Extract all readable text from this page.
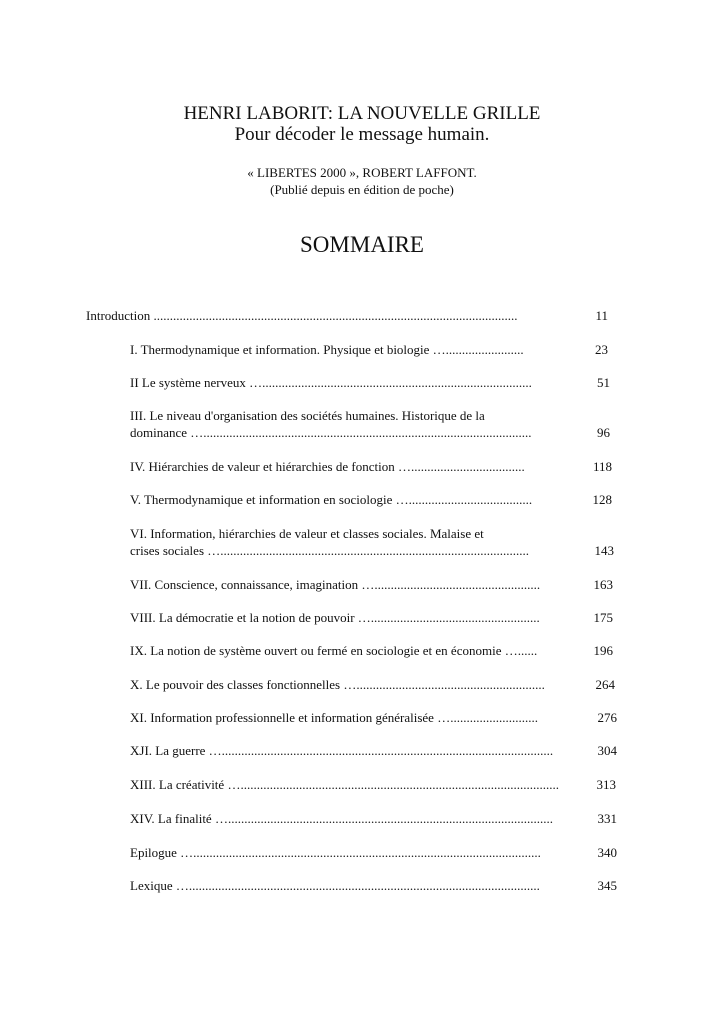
HENRI LABORIT: LA NOUVELLE GRILLE
Pour décoder le message humain.
« LIBERTES 2000 », ROBERT LAFFONT.
(Publié depuis en édition de poche)
SOMMAIRE
Introduction ................................................................................................................	11
I. Thermodynamique et information. Physique et biologie …........................	23
II Le système nerveux …...................................................................................	51
III. Le niveau d'organisation des sociétés humaines. Historique de la
dominance ….....................................................................................................	96
IV. Hiérarchies de valeur et hiérarchies de fonction …...................................	118
V. Thermodynamique et information en sociologie …......................................	128
VI. Information, hiérarchies de valeur et classes sociales. Malaise et
crises sociales …...............................................................................................	143
VII. Conscience, connaissance, imagination …...................................................	163
VIII. La démocratie et la notion de pouvoir …....................................................	175
IX. La notion de système ouvert ou fermé en sociologie et en économie …......	196
X. Le pouvoir des classes fonctionnelles …..........................................................	264
XI. Information professionnelle et information généralisée …...........................	276
XJI. La guerre …......................................................................................................	304
XIII. La créativité …..................................................................................................	313
XIV. La finalité …....................................................................................................	331
Epilogue …...........................................................................................................	340
Lexique …............................................................................................................	345
